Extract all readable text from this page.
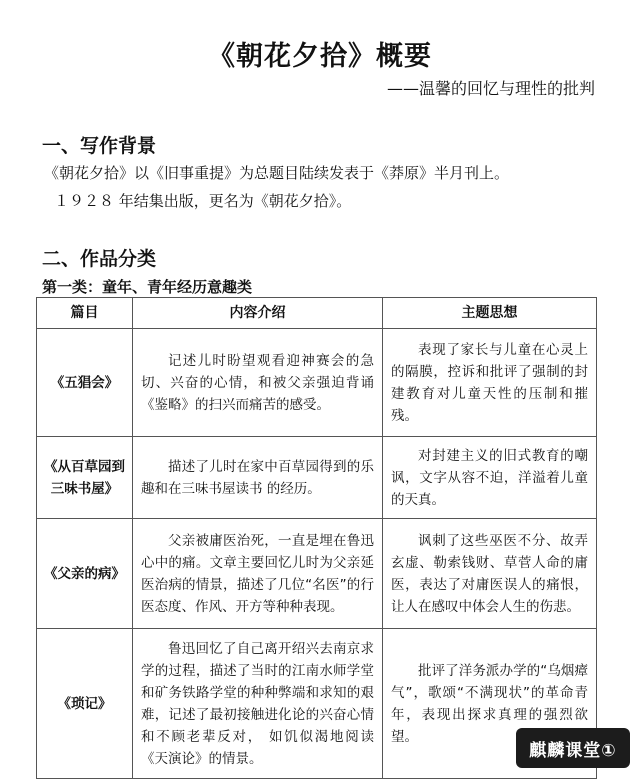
《朝花夕拾》概要
——温馨的回忆与理性的批判
一、写作背景
《朝花夕拾》以《旧事重提》为总题目陆续发表于《莽原》半月刊上。
１９２８ 年结集出版，更名为《朝花夕拾》。
二、作品分类
第一类：童年、青年经历意趣类
篇目	内容介绍	主题思想
《五猖会》	记述儿时盼望观看迎神赛会的急切、兴奋的心情，和被父亲强迫背诵《鉴略》的扫兴而痛苦的感受。	表现了家长与儿童在心灵上的隔膜，控诉和批评了强制的封建教育对儿童天性的压制和摧残。
《从百草园到三味书屋》	描述了儿时在家中百草园得到的乐趣和在三味书屋读书 的经历。	对封建主义的旧式教育的嘲讽，文字从容不迫，洋溢着儿童的天真。
《父亲的病》	父亲被庸医治死，一直是埋在鲁迅心中的痛。文章主要回忆儿时为父亲延医治病的情景，描述了几位“名医”的行医态度、作风、开方等种种表现。	讽刺了这些巫医不分、故弄玄虚、勒索钱财、草菅人命的庸医，表达了对庸医误人的痛恨，让人在感叹中体会人生的伤悲。
《琐记》	鲁迅回忆了自己离开绍兴去南京求学的过程，描述了当时的江南水师学堂和矿务铁路学堂的种种弊端和求知的艰难，记述了最初接触进化论的兴奋心情和不顾老辈反对， 如饥似渴地阅读《天演论》的情景。	批评了洋务派办学的“乌烟瘴气”，歌颂“不满现状”的革命青年，表现出探求真理的强烈欲望。
麒麟课堂①
